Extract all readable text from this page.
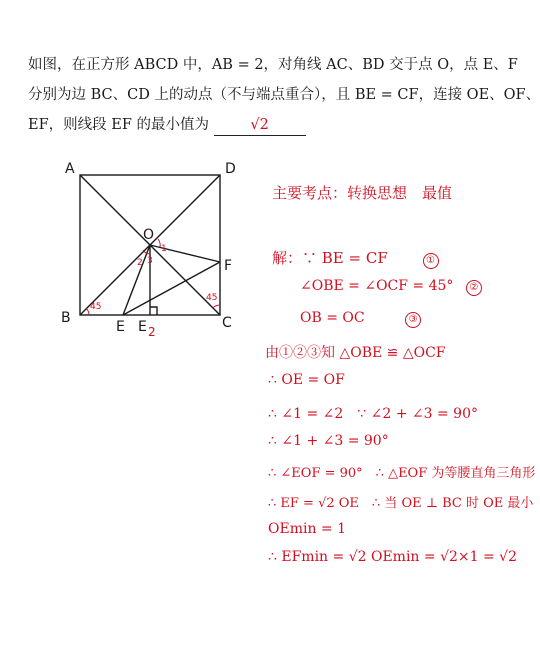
如图，在正方形 ABCD 中，AB = 2，对角线 AC、BD 交于点 O，点 E、F
分别为边 BC、CD 上的动点（不与端点重合），且 BE = CF，连接 OE、OF、
EF，则线段 EF 的最小值为	√2
A	D
B	C
O
E E
F
2
45
45
1
2 3
主要考点：转换思想　最值
解：∵ BE = CF	①
∠OBE = ∠OCF = 45° ②
OB = OC	③
由①②③知 △OBE ≌ △OCF
∴ OE = OF
∴ ∠1 = ∠2　∵ ∠2 + ∠3 = 90°
∴ ∠1 + ∠3 = 90°
∴ ∠EOF = 90°　∴ △EOF 为等腰直角三角形
∴ EF = √2 OE　∴ 当 OE ⊥ BC 时 OE 最小
OEmin = 1
∴ EFmin = √2 OEmin = √2×1 = √2
